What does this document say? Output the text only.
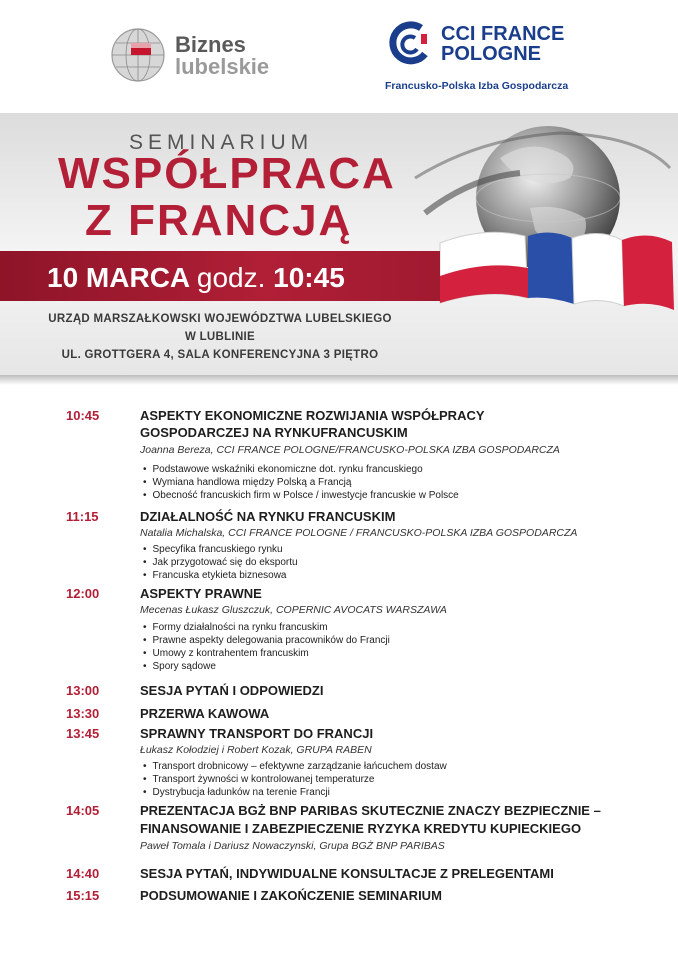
Biznes
lubelskie
CCI FRANCE
POLOGNE
Francusko-Polska Izba Gospodarcza
SEMINARIUM
WSPÓŁPRACA
Z FRANCJĄ
10 MARCA godz. 10:45
URZĄD MARSZAŁKOWSKI WOJEWÓDZTWA LUBELSKIEGO
W LUBLINIE
UL. GROTTGERA 4, SALA KONFERENCYJNA 3 PIĘTRO
10:45	ASPEKTY EKONOMICZNE ROZWIJANIA WSPÓŁPRACY
GOSPODARCZEJ NA RYNKUFRANCUSKIM
Joanna Bereza, CCI FRANCE POLOGNE/FRANCUSKO-POLSKA IZBA GOSPODARCZA
• Podstawowe wskaźniki ekonomiczne dot. rynku francuskiego
• Wymiana handlowa między Polską a Francją
• Obecność francuskich firm w Polsce / inwestycje francuskie w Polsce
11:15	DZIAŁALNOŚĆ NA RYNKU FRANCUSKIM
Natalia Michalska, CCI FRANCE POLOGNE / FRANCUSKO-POLSKA IZBA GOSPODARCZA
• Specyfika francuskiego rynku
• Jak przygotować się do eksportu
• Francuska etykieta biznesowa
12:00	ASPEKTY PRAWNE
Mecenas Łukasz Gluszczuk, COPERNIC AVOCATS WARSZAWA
• Formy działalności na rynku francuskim
• Prawne aspekty delegowania pracowników do Francji
• Umowy z kontrahentem francuskim
• Spory sądowe
13:00	SESJA PYTAŃ I ODPOWIEDZI
13:30	PRZERWA KAWOWA
13:45	SPRAWNY TRANSPORT DO FRANCJI
Łukasz Kołodziej i Robert Kozak, GRUPA RABEN
• Transport drobnicowy – efektywne zarządzanie łańcuchem dostaw
• Transport żywności w kontrolowanej temperaturze
• Dystrybucja ładunków na terenie Francji
14:05	PREZENTACJA BGŻ BNP PARIBAS SKUTECZNIE ZNACZY BEZPIECZNIE –
FINANSOWANIE I ZABEZPIECZENIE RYZYKA KREDYTU KUPIECKIEGO
Paweł Tomala i Dariusz Nowaczynski, Grupa BGŻ BNP PARIBAS
14:40	SESJA PYTAŃ, INDYWIDUALNE KONSULTACJE Z PRELEGENTAMI
15:15	PODSUMOWANIE I ZAKOŃCZENIE SEMINARIUM
